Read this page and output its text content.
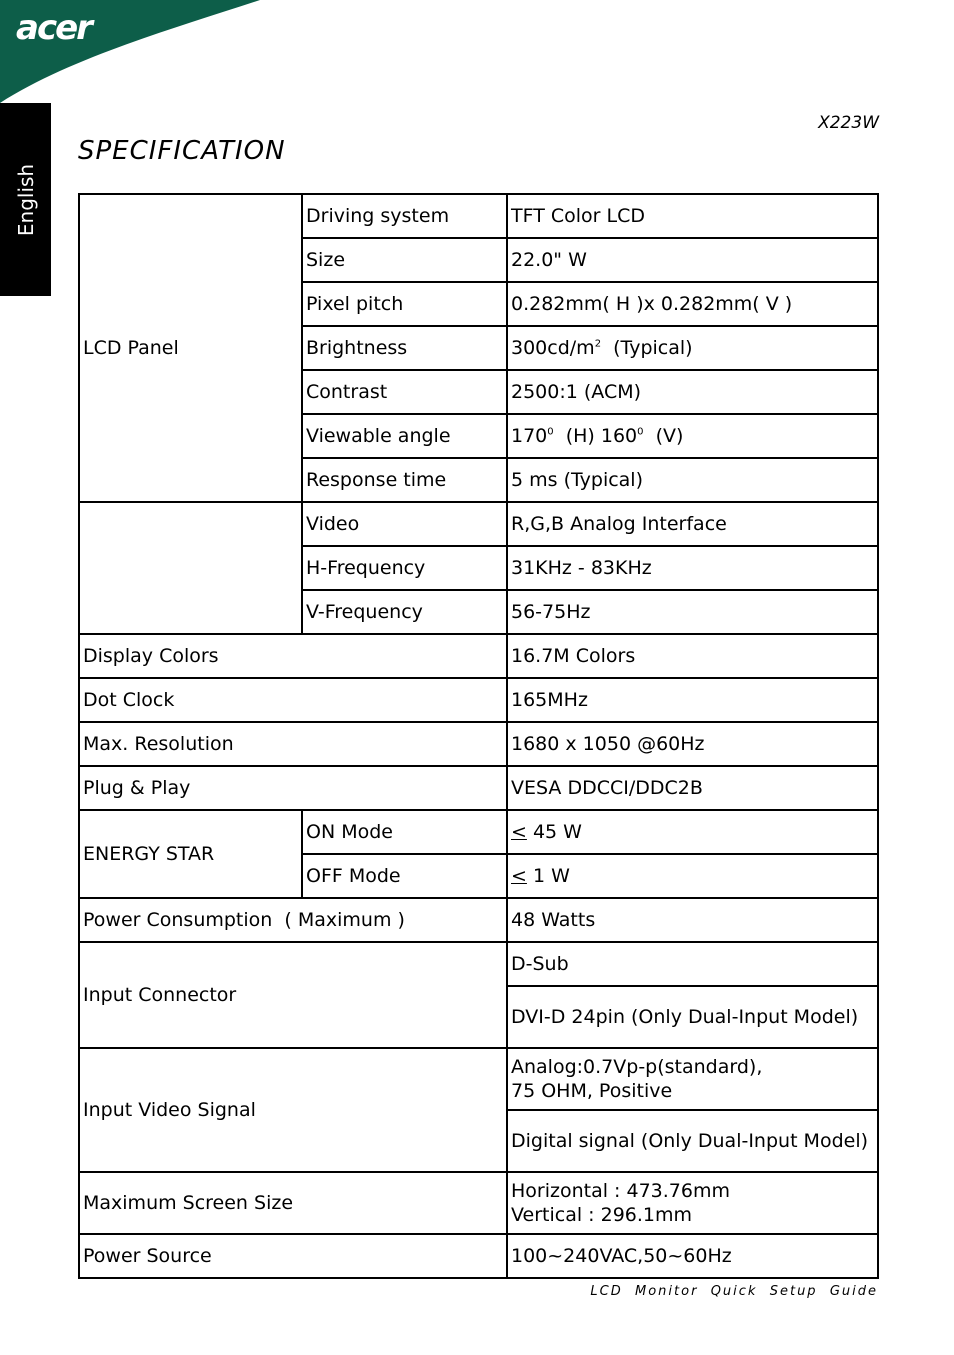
acer
English
X223W
SPECIFICATION
LCD Panel	Driving system	TFT Color LCD
	Size	22.0" W
	Pixel pitch	0.282mm( H )x 0.282mm( V )
	Brightness	$300cd/m^2$  (Typical)
	Contrast	2500:1 (ACM)
	Viewable angle	$170^0$  (H) $160^0$  (V)
	Response time	5 ms (Typical)
	Video	R,G,B Analog Interface
	H-Frequency	31KHz - 83KHz
	V-Frequency	56-75Hz
Display Colors		16.7M Colors
Dot Clock		165MHz
Max. Resolution		1680 x 1050 @60Hz
Plug & Play		VESA DDCCI/DDC2B
ENERGY STAR	ON Mode	< 45 W
	OFF Mode	< 1 W
Power Consumption  ( Maximum )		48 Watts
Input Connector		D-Sub
		DVI-D 24pin (Only Dual-Input Model)
Input Video Signal		Analog:0.7Vp-p(standard),
75 OHM, Positive

		Digital signal (Only Dual-Input Model)
Maximum Screen Size		Horizontal : 473.76mm
Vertical : 296.1mm

Power Source		100~240VAC,50~60Hz
LCD  Monitor  Quick  Setup  Guide
